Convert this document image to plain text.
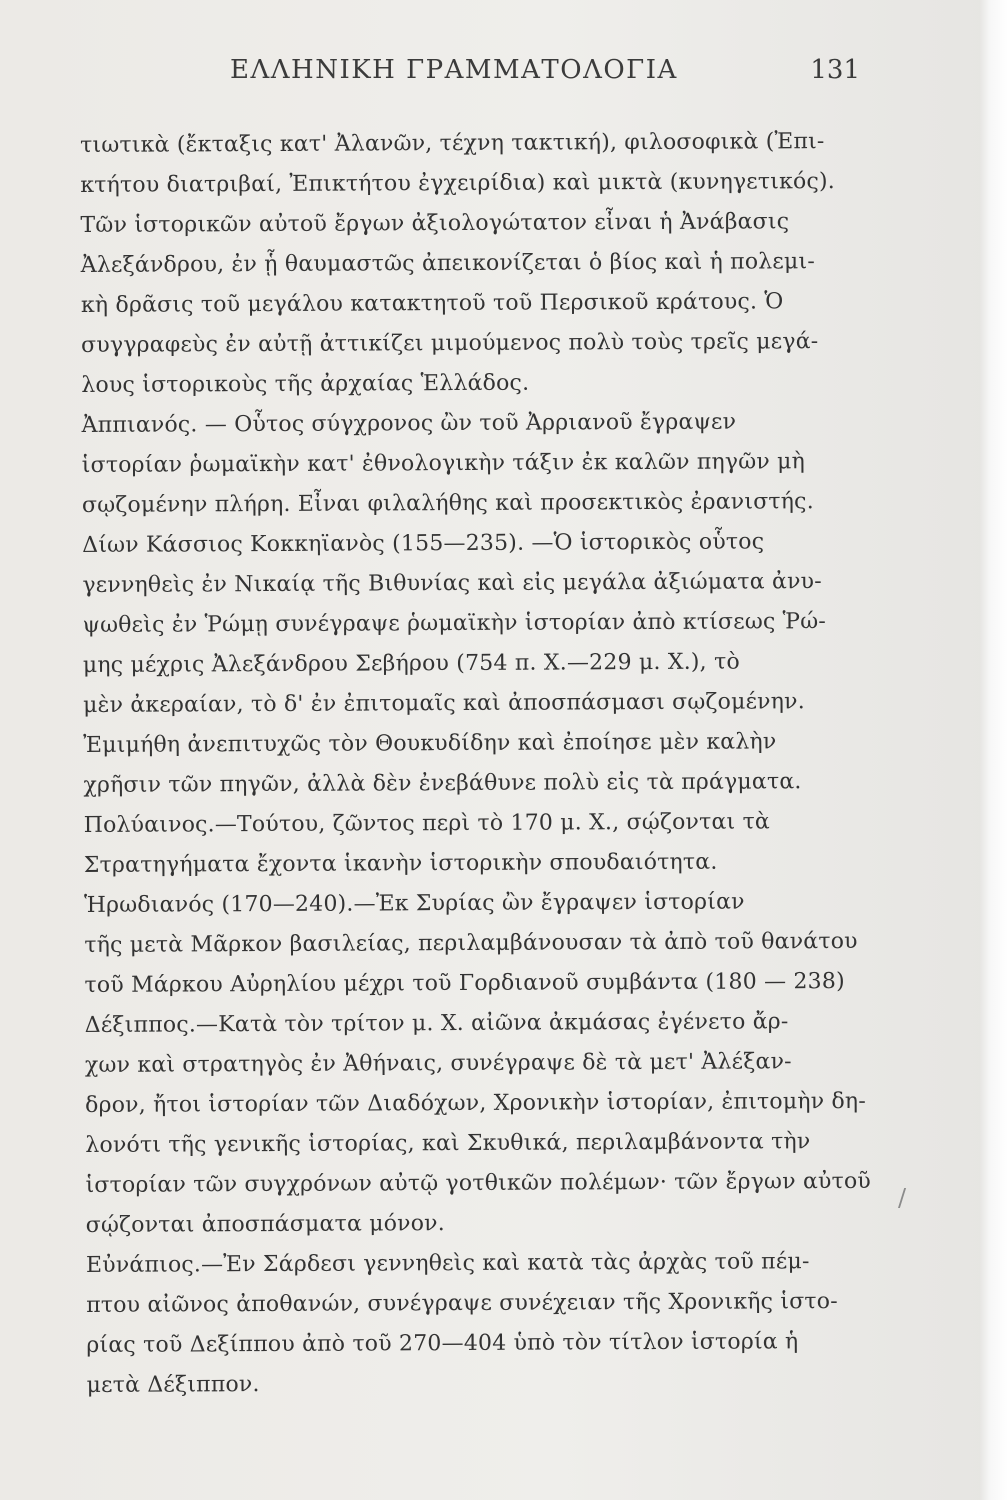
ΕΛΛΗΝΙΚΗ ΓΡΑΜΜΑΤΟΛΟΓΙΑ	131
τιωτικὰ (ἔκταξις κατ' Ἀλανῶν, τέχνη τακτική), φιλοσοφικὰ (Ἐπι-
κτήτου διατριβαί, Ἐπικτήτου ἐγχειρίδια) καὶ μικτὰ (κυνηγετικός).
Τῶν ἱστορικῶν αὐτοῦ ἔργων ἀξιολογώτατον εἶναι ἡ Ἀνάβασις
Ἀλεξάνδρου, ἐν ᾗ θαυμαστῶς ἀπεικονίζεται ὁ βίος καὶ ἡ πολεμι-
κὴ δρᾶσις τοῦ μεγάλου κατακτητοῦ τοῦ Περσικοῦ κράτους. Ὁ
συγγραφεὺς ἐν αὐτῇ ἀττικίζει μιμούμενος πολὺ τοὺς τρεῖς μεγά-
λους ἱστορικοὺς τῆς ἀρχαίας Ἑλλάδος.
Ἀππιανός. — Οὗτος σύγχρονος ὢν τοῦ Ἀρριανοῦ ἔγραψεν
ἱστορίαν ῥωμαϊκὴν κατ' ἐθνολογικὴν τάξιν ἐκ καλῶν πηγῶν μὴ
σῳζομένην πλήρη. Εἶναι φιλαλήθης καὶ προσεκτικὸς ἐρανιστής.
Δίων Κάσσιος Κοκκηϊανὸς (155—235). —Ὁ ἱστορικὸς οὗτος
γεννηθεὶς ἐν Νικαίᾳ τῆς Βιθυνίας καὶ εἰς μεγάλα ἀξιώματα ἀνυ-
ψωθεὶς ἐν Ῥώμῃ συνέγραψε ῥωμαϊκὴν ἱστορίαν ἀπὸ κτίσεως Ῥώ-
μης μέχρις Ἀλεξάνδρου Σεβήρου (754 π. Χ.—229 μ. Χ.), τὸ
μὲν ἀκεραίαν, τὸ δ' ἐν ἐπιτομαῖς καὶ ἀποσπάσμασι σῳζομένην.
Ἐμιμήθη ἀνεπιτυχῶς τὸν Θουκυδίδην καὶ ἐποίησε μὲν καλὴν
χρῆσιν τῶν πηγῶν, ἀλλὰ δὲν ἐνεβάθυνε πολὺ εἰς τὰ πράγματα.
Πολύαινος.—Τούτου, ζῶντος περὶ τὸ 170 μ. Χ., σῴζονται τὰ
Στρατηγήματα ἔχοντα ἱκανὴν ἱστορικὴν σπουδαιότητα.
Ἡρωδιανός (170—240).—Ἐκ Συρίας ὢν ἔγραψεν ἱστορίαν
τῆς μετὰ Μᾶρκον βασιλείας, περιλαμβάνουσαν τὰ ἀπὸ τοῦ θανάτου
τοῦ Μάρκου Αὐρηλίου μέχρι τοῦ Γορδιανοῦ συμβάντα (180 — 238)
Δέξιππος.—Κατὰ τὸν τρίτον μ. Χ. αἰῶνα ἀκμάσας ἐγένετο ἄρ-
χων καὶ στρατηγὸς ἐν Ἀθήναις, συνέγραψε δὲ τὰ μετ' Ἀλέξαν-
δρον, ἤτοι ἱστορίαν τῶν Διαδόχων, Χρονικὴν ἱστορίαν, ἐπιτομὴν δη-
λονότι τῆς γενικῆς ἱστορίας, καὶ Σκυθικά, περιλαμβάνοντα τὴν
ἱστορίαν τῶν συγχρόνων αὐτῷ γοτθικῶν πολέμων· τῶν ἔργων αὐτοῦ
σῴζονται ἀποσπάσματα μόνον.
Εὐνάπιος.—Ἐν Σάρδεσι γεννηθεὶς καὶ κατὰ τὰς ἀρχὰς τοῦ πέμ-
πτου αἰῶνος ἀποθανών, συνέγραψε συνέχειαν τῆς Χρονικῆς ἱστο-
ρίας τοῦ Δεξίππου ἀπὸ τοῦ 270—404 ὑπὸ τὸν τίτλον ἱστορία ἡ
μετὰ Δέξιππον.
/
